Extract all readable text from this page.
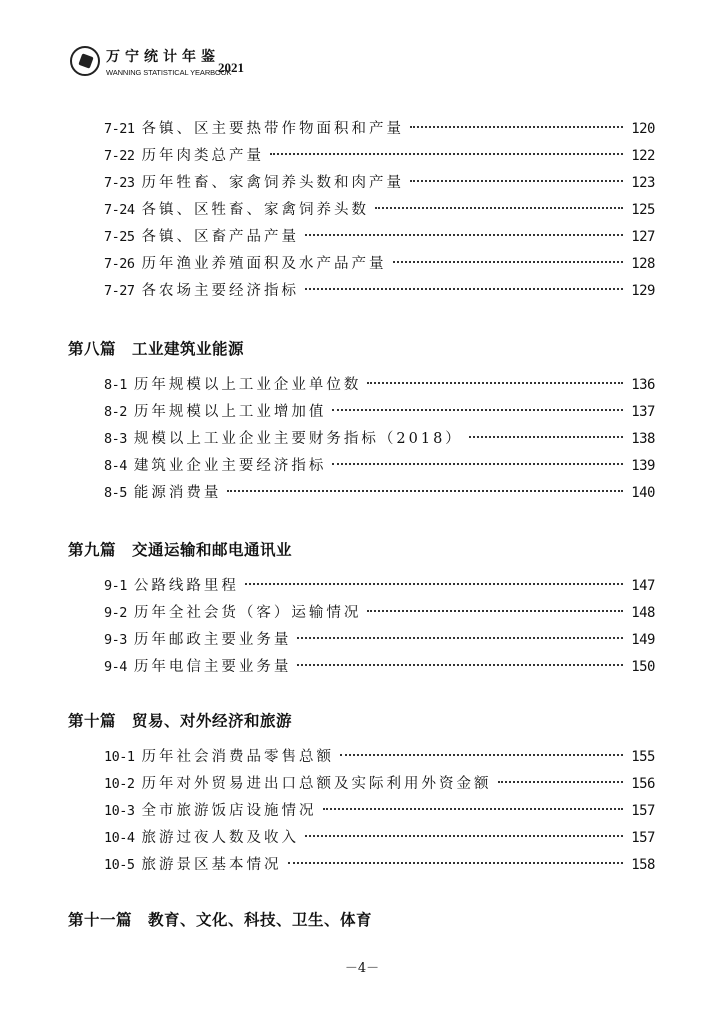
万宁统计年鉴
WANNING STATISTICAL YEARBOOK
2021
7-21 各镇、区主要热带作物面积和产量	120
7-22 历年肉类总产量	122
7-23 历年牲畜、家禽饲养头数和肉产量	123
7-24 各镇、区牲畜、家禽饲养头数	125
7-25 各镇、区畜产品产量	127
7-26 历年渔业养殖面积及水产品产量	128
7-27 各农场主要经济指标	129
第八篇 工业建筑业能源
8-1 历年规模以上工业企业单位数	136
8-2 历年规模以上工业增加值	137
8-3 规模以上工业企业主要财务指标（2018）	138
8-4 建筑业企业主要经济指标	139
8-5 能源消费量	140
第九篇 交通运输和邮电通讯业
9-1 公路线路里程	147
9-2 历年全社会货（客）运输情况	148
9-3 历年邮政主要业务量	149
9-4 历年电信主要业务量	150
第十篇 贸易、对外经济和旅游
10-1 历年社会消费品零售总额	155
10-2 历年对外贸易进出口总额及实际利用外资金额	156
10-3 全市旅游饭店设施情况	157
10-4 旅游过夜人数及收入	157
10-5 旅游景区基本情况	158
第十一篇 教育、文化、科技、卫生、体育
－4－
